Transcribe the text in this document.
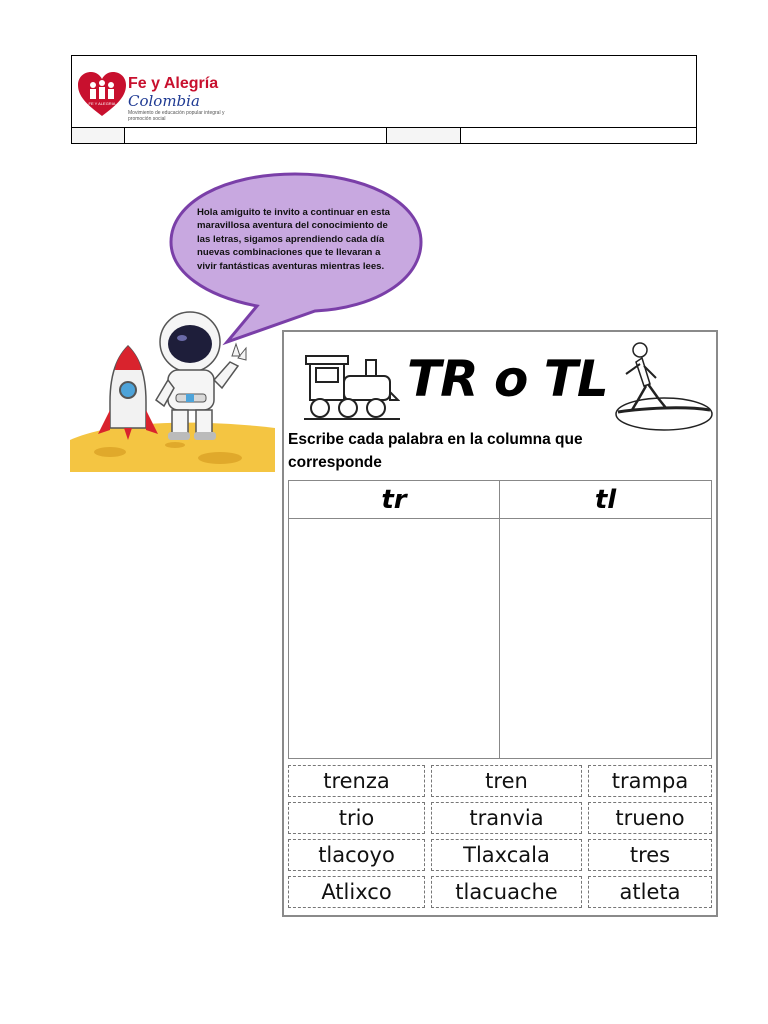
FE Y ALEGRIA
Fe y Alegría
Colombia
Movimiento de educación popular integral y promoción social
Hola amiguito te invito a continuar en esta maravillosa aventura del conocimiento de las letras, sigamos aprendiendo cada día nuevas combinaciones que te llevaran a vivir fantásticas aventuras mientras lees.
TR o TL
Escribe cada palabra en la columna que corresponde
tr	tl
trenza	tren	trampa
trio	tranvia	trueno
tlacoyo	Tlaxcala	tres
Atlixco	tlacuache	atleta
